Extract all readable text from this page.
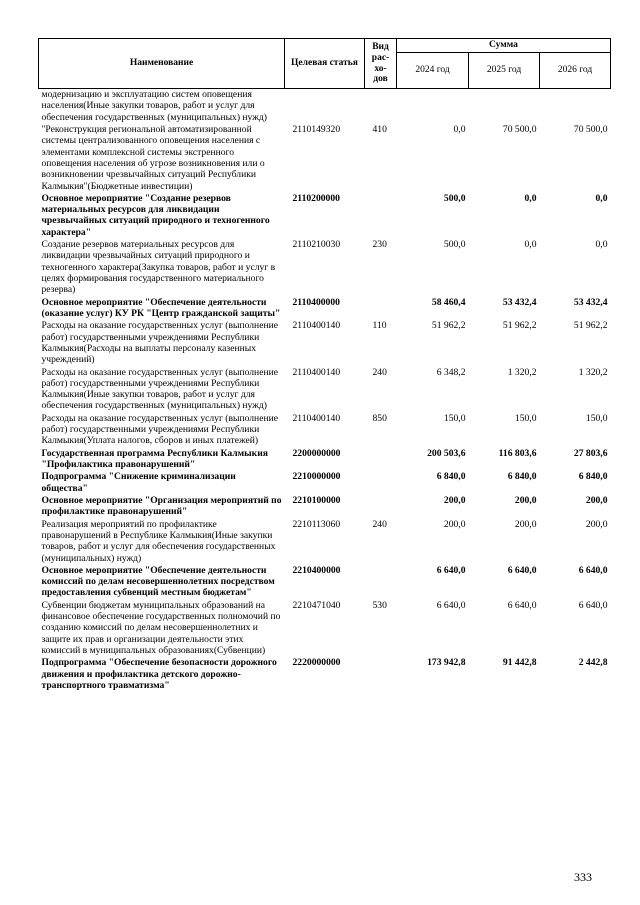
Наименование	Целевая статья	Вид рас- хо- дов	Сумма		
			2024 год	2025 год	2026 год
модернизацию и эксплуатацию систем оповещения населения(Иные закупки товаров, работ и услуг для обеспечения государственных (муниципальных) нужд)					
"Реконструкция региональной автоматизированной системы централизованного оповещения населения с элементами комплексной системы экстренного оповещения населения об угрозе возникновения или о возникновении чрезвычайных ситуаций Республики Калмыкия"(Бюджетные инвестиции)	2110149320	410	0,0	70 500,0	70 500,0
Основное мероприятие "Создание резервов материальных ресурсов для ликвидации чрезвычайных ситуаций природного и техногенного характера"	2110200000		500,0	0,0	0,0
Создание резервов материальных ресурсов для ликвидации чрезвычайных ситуаций природного и техногенного характера(Закупка товаров, работ и услуг в целях формирования государственного материального резерва)	2110210030	230	500,0	0,0	0,0
Основное мероприятие "Обеспечение деятельности (оказание услуг) КУ РК "Центр гражданской защиты"	2110400000		58 460,4	53 432,4	53 432,4
Расходы на оказание государственных услуг (выполнение работ) государственными учреждениями Республики Калмыкия(Расходы на выплаты персоналу казенных учреждений)	2110400140	110	51 962,2	51 962,2	51 962,2
Расходы на оказание государственных услуг (выполнение работ) государственными учреждениями Республики Калмыкия(Иные закупки товаров, работ и услуг для обеспечения государственных (муниципальных) нужд)	2110400140	240	6 348,2	1 320,2	1 320,2
Расходы на оказание государственных услуг (выполнение работ) государственными учреждениями Республики Калмыкия(Уплата налогов, сборов и иных платежей)	2110400140	850	150,0	150,0	150,0
Государственная программа Республики Калмыкия "Профилактика правонарушений"	2200000000		200 503,6	116 803,6	27 803,6
Подпрограмма "Снижение криминализации общества"	2210000000		6 840,0	6 840,0	6 840,0
Основное мероприятие "Организация мероприятий по профилактике правонарушений"	2210100000		200,0	200,0	200,0
Реализация мероприятий по профилактике правонарушений в Республике Калмыкия(Иные закупки товаров, работ и услуг для обеспечения государственных (муниципальных) нужд)	2210113060	240	200,0	200,0	200,0
Основное мероприятие "Обеспечение деятельности комиссий по делам несовершеннолетних посредством предоставления субвенций местным бюджетам"	2210400000		6 640,0	6 640,0	6 640,0
Субвенции бюджетам муниципальных образований на финансовое обеспечение государственных полномочий по созданию комиссий по делам несовершеннолетних и защите их прав и организации деятельности этих комиссий в муниципальных образованиях(Субвенции)	2210471040	530	6 640,0	6 640,0	6 640,0
Подпрограмма "Обеспечение безопасности дорожного движения и профилактика детского дорожно-транспортного травматизма"	2220000000		173 942,8	91 442,8	2 442,8
333
